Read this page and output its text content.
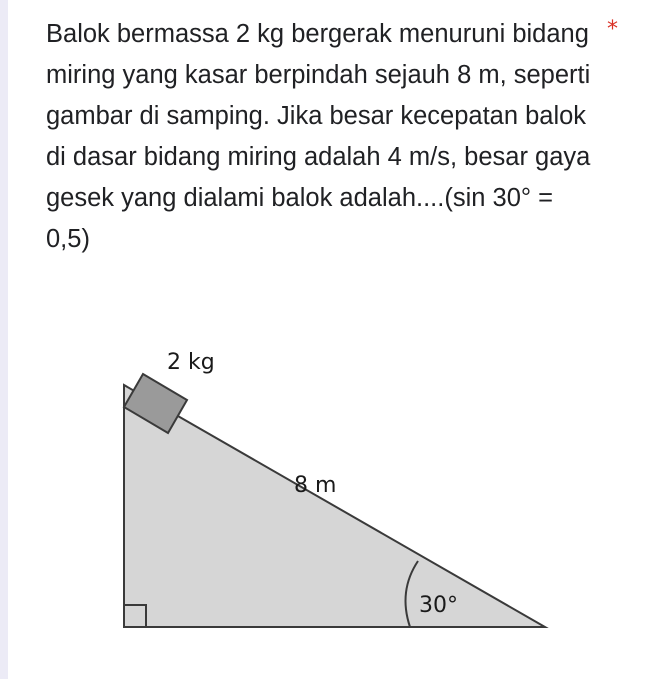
Balok bermassa 2 kg bergerak menuruni bidang miring yang kasar berpindah sejauh 8 m, seperti gambar di samping. Jika besar kecepatan balok di dasar bidang miring adalah 4 m/s, besar gaya gesek yang dialami balok adalah....(sin 30° = 0,5)

*
2 kg
8 m
30°
